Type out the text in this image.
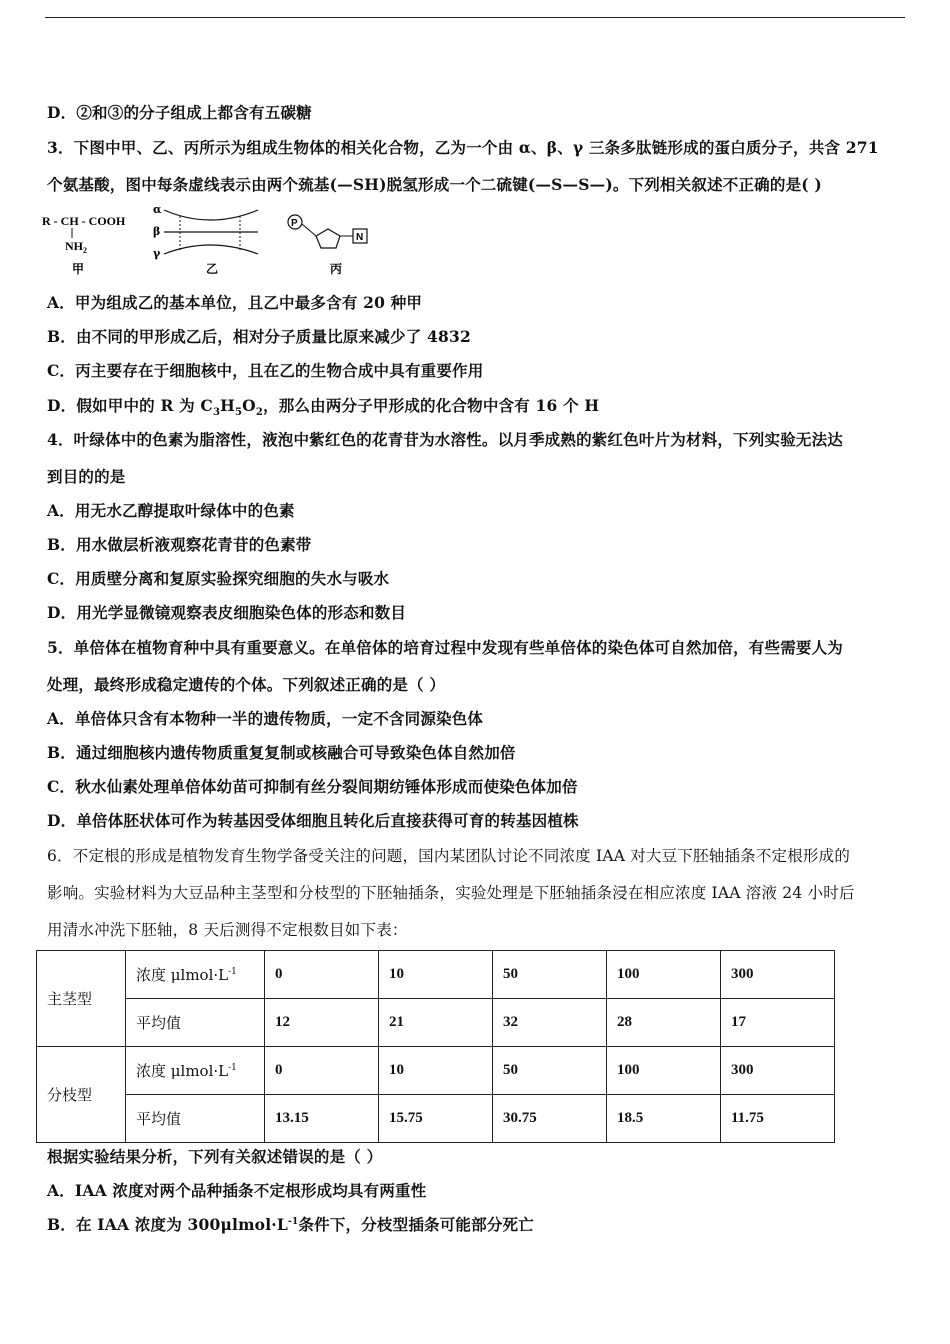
D．②和③的分子组成上都含有五碳糖
3．下图中甲、乙、丙所示为组成生物体的相关化合物，乙为一个由 α、β、γ 三条多肽链形成的蛋白质分子，共含 271
个氨基酸，图中每条虚线表示由两个巯基(—SH)脱氢形成一个二硫键(—S—S—)。下列相关叙述不正确的是( )
R - CH - COOH
$NH_2$
甲
α
β
γ
乙
P
N
丙
A．甲为组成乙的基本单位，且乙中最多含有 20 种甲
B．由不同的甲形成乙后，相对分子质量比原来减少了 4832
C．丙主要存在于细胞核中，且在乙的生物合成中具有重要作用
D．假如甲中的 R 为 $C_3H_5O_2$，那么由两分子甲形成的化合物中含有 16 个 H
4．叶绿体中的色素为脂溶性，液泡中紫红色的花青苷为水溶性。以月季成熟的紫红色叶片为材料，下列实验无法达
到目的的是
A．用无水乙醇提取叶绿体中的色素
B．用水做层析液观察花青苷的色素带
C．用质壁分离和复原实验探究细胞的失水与吸水
D．用光学显微镜观察表皮细胞染色体的形态和数目
5．单倍体在植物育种中具有重要意义。在单倍体的培育过程中发现有些单倍体的染色体可自然加倍，有些需要人为
处理，最终形成稳定遗传的个体。下列叙述正确的是（ ）
A．单倍体只含有本物种一半的遗传物质，一定不含同源染色体
B．通过细胞核内遗传物质重复复制或核融合可导致染色体自然加倍
C．秋水仙素处理单倍体幼苗可抑制有丝分裂间期纺锤体形成而使染色体加倍
D．单倍体胚状体可作为转基因受体细胞且转化后直接获得可育的转基因植株
6．不定根的形成是植物发育生物学备受关注的问题，国内某团队讨论不同浓度 IAA 对大豆下胚轴插条不定根形成的
影响。实验材料为大豆品种主茎型和分枝型的下胚轴插条，实验处理是下胚轴插条浸在相应浓度 IAA 溶液 24 小时后
用清水冲洗下胚轴，8 天后测得不定根数目如下表：
主茎型	浓度 $\mu lmol\cdot L^{-1}$	0	10	50	100	300
	平均值	12	21	32	28	17
分枝型	浓度 $\mu lmol\cdot L^{-1}$	0	10	50	100	300
	平均值	13.15	15.75	30.75	18.5	11.75
根据实验结果分析，下列有关叙述错误的是（ ）
A．IAA 浓度对两个品种插条不定根形成均具有两重性
B．在 IAA 浓度为 $300\mu lmol\cdot L^{-1}$条件下，分枝型插条可能部分死亡
